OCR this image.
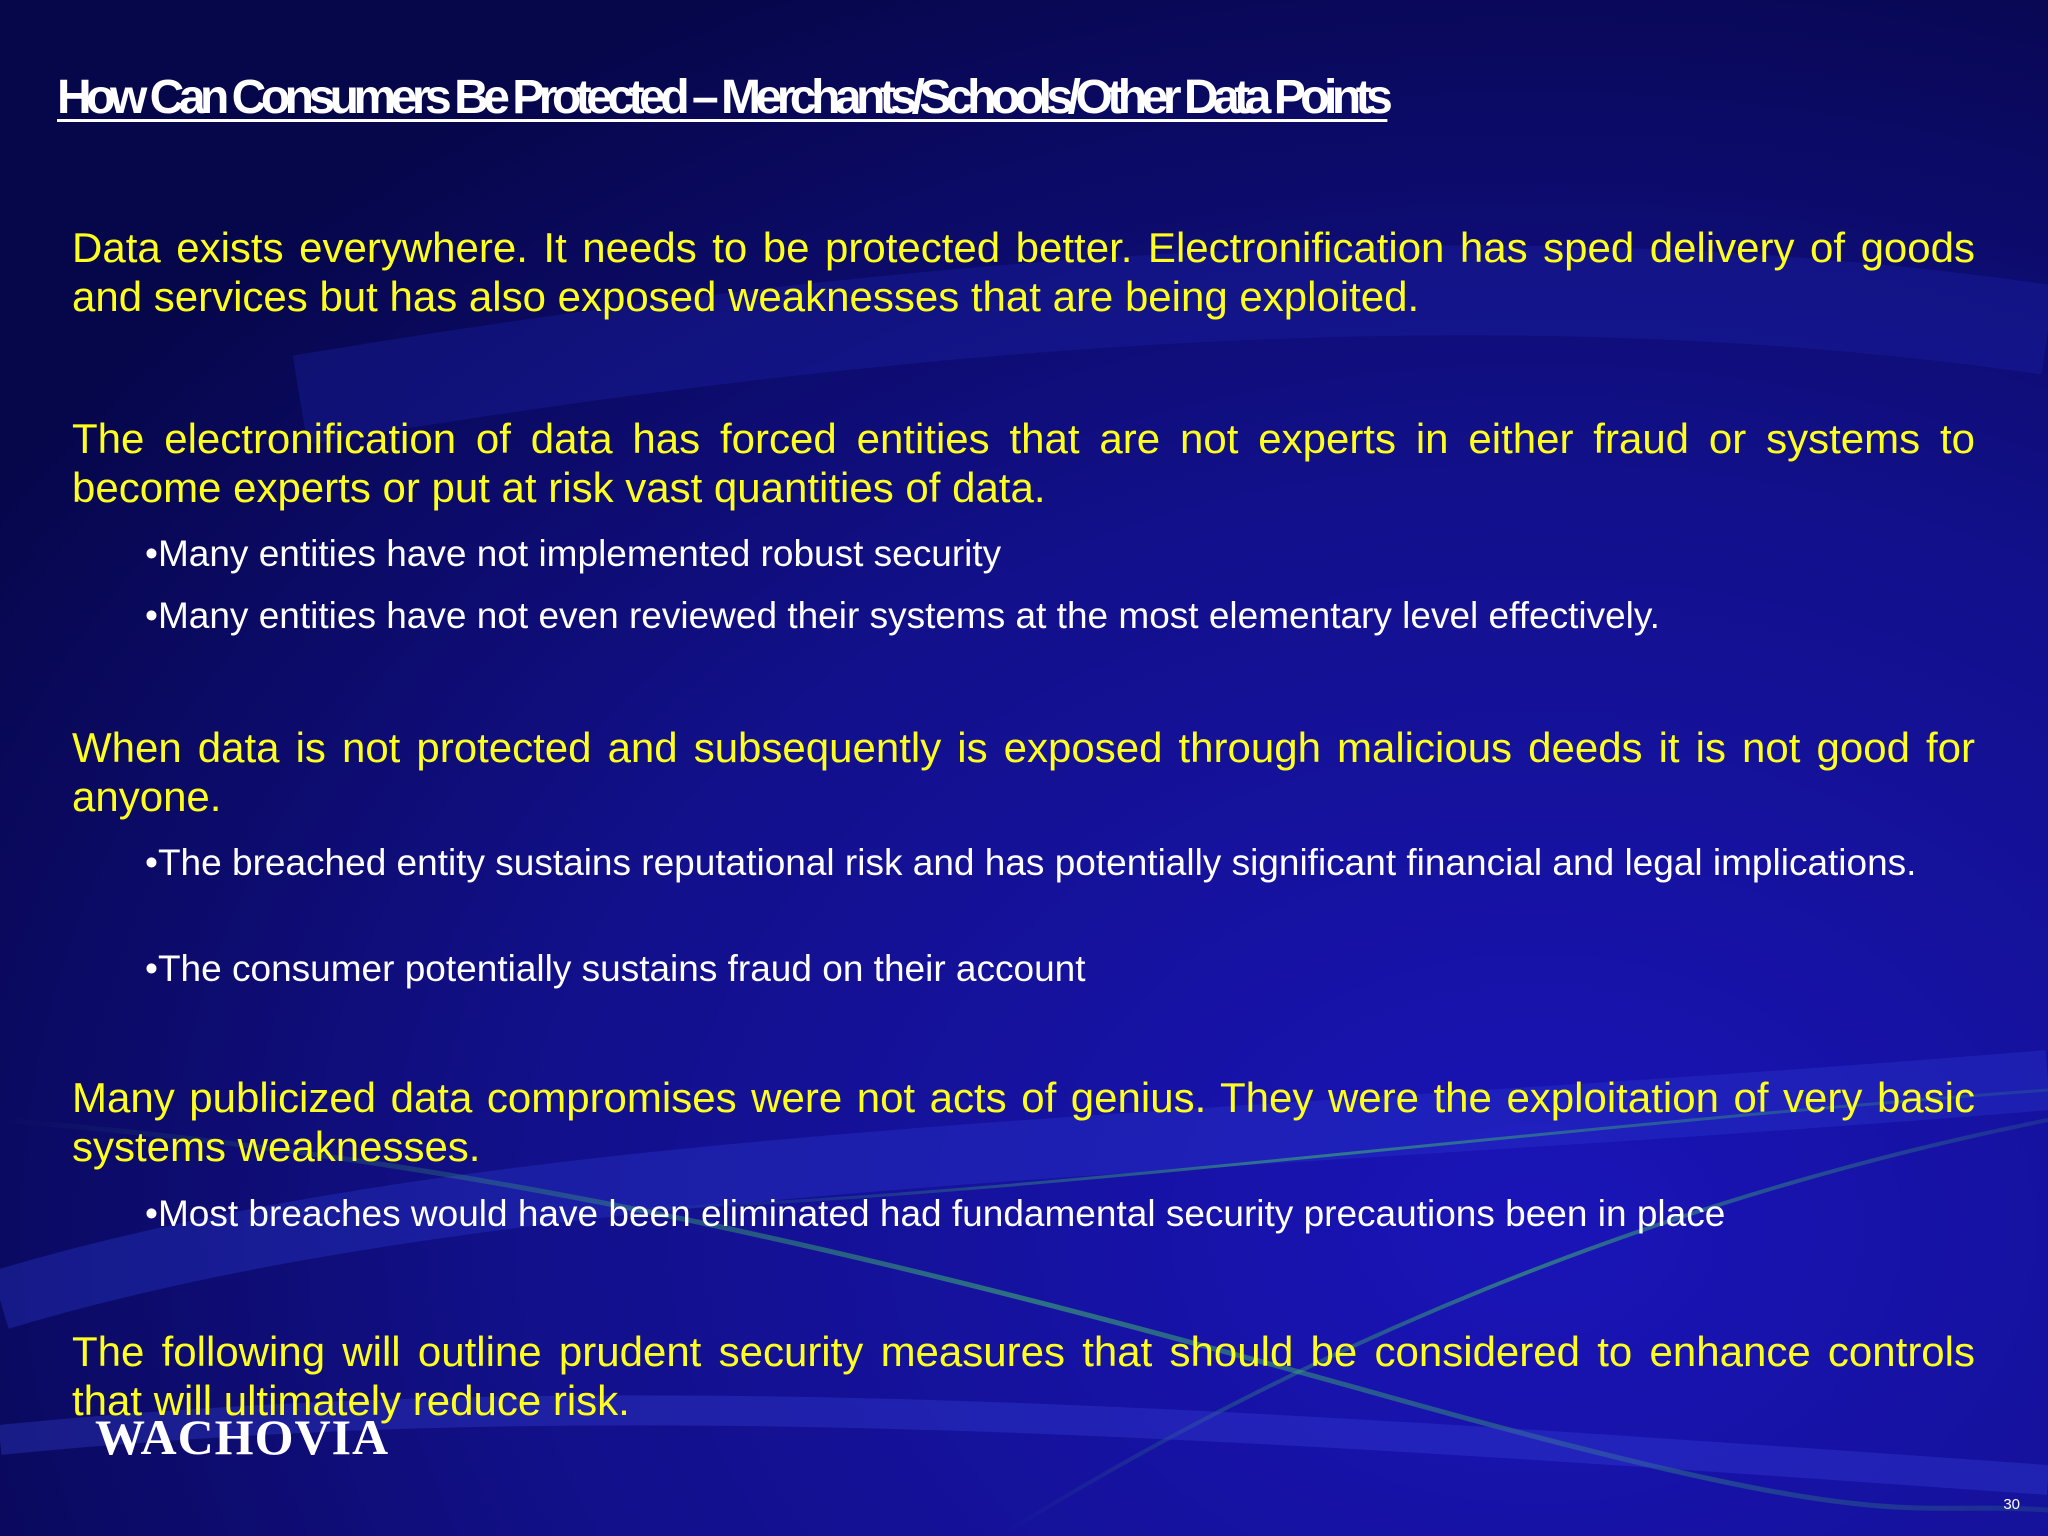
How Can Consumers Be Protected – Merchants/Schools/Other Data Points

Data exists everywhere. It needs to be protected better. Electronification has sped delivery of goods and services but has also exposed weaknesses that are being exploited.

The electronification of data has forced entities that are not experts in either fraud or systems to become experts or put at risk vast quantities of data.

•Many entities have not implemented robust security

•Many entities have not even reviewed their systems at the most elementary level effectively.

When data is not protected and subsequently is exposed through malicious deeds it is not good for anyone.

•The breached entity sustains reputational risk and has potentially significant financial and legal implications.

•The consumer potentially sustains fraud on their account

Many publicized data compromises were not acts of genius. They were the exploitation of very basic systems weaknesses.

•Most breaches would have been eliminated had fundamental security precautions been in place

The following will outline prudent security measures that should be considered to enhance controls that will ultimately reduce risk.

WACHOVIA
30
